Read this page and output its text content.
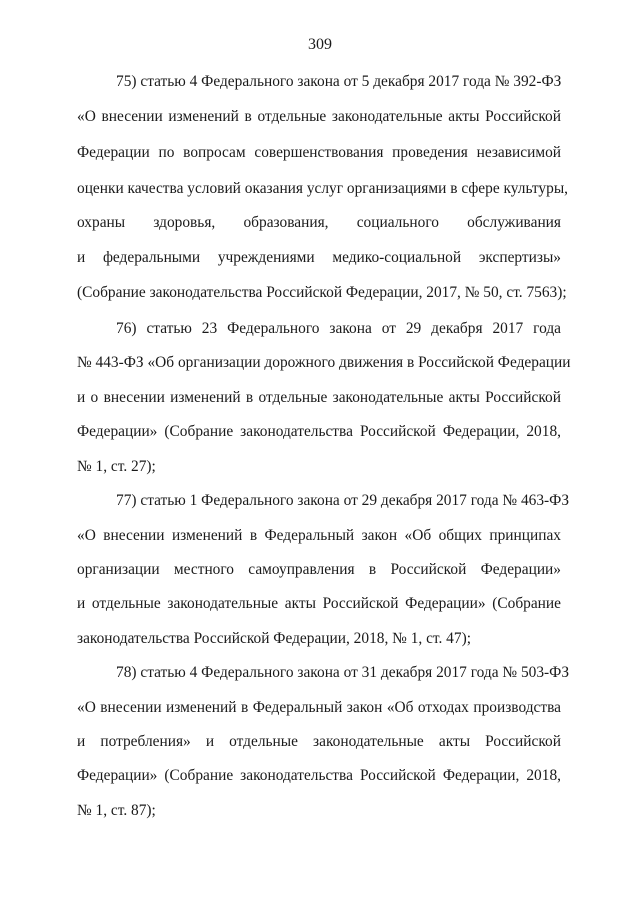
309
75) статью 4 Федерального закона от 5 декабря 2017 года № 392-ФЗ
«О внесении изменений в отдельные законодательные акты Российской
Федерации по вопросам совершенствования проведения независимой
оценки качества условий оказания услуг организациями в сфере культуры,
охраны здоровья, образования, социального обслуживания
и федеральными учреждениями медико-социальной экспертизы»
(Собрание законодательства Российской Федерации, 2017, № 50, ст. 7563);
76) статью 23 Федерального закона от 29 декабря 2017 года
№ 443-ФЗ «Об организации дорожного движения в Российской Федерации
и о внесении изменений в отдельные законодательные акты Российской
Федерации» (Собрание законодательства Российской Федерации, 2018,
№ 1, ст. 27);
77) статью 1 Федерального закона от 29 декабря 2017 года № 463-ФЗ
«О внесении изменений в Федеральный закон «Об общих принципах
организации местного самоуправления в Российской Федерации»
и отдельные законодательные акты Российской Федерации» (Собрание
законодательства Российской Федерации, 2018, № 1, ст. 47);
78) статью 4 Федерального закона от 31 декабря 2017 года № 503-ФЗ
«О внесении изменений в Федеральный закон «Об отходах производства
и потребления» и отдельные законодательные акты Российской
Федерации» (Собрание законодательства Российской Федерации, 2018,
№ 1, ст. 87);
